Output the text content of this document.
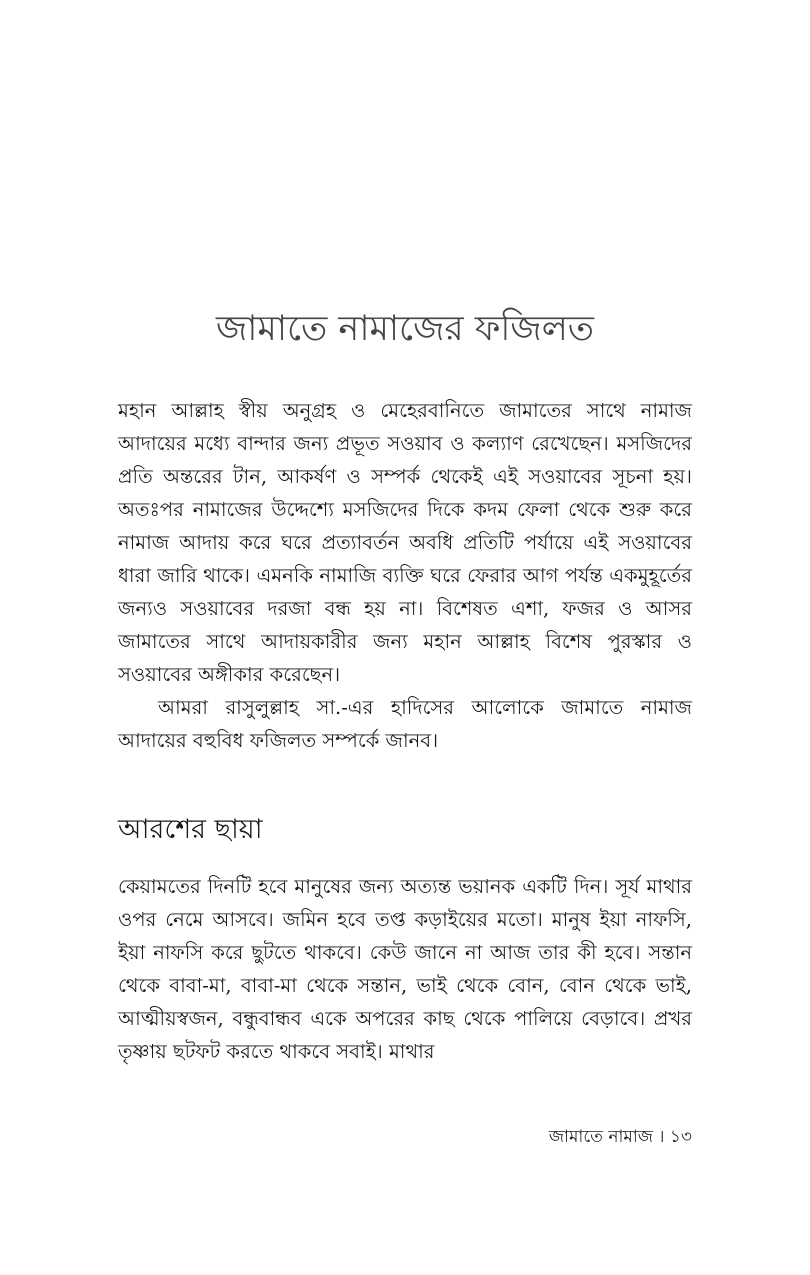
জামাতে নামাজের ফজিলত

মহান আল্লাহ স্বীয় অনুগ্রহ ও মেহেরবানিতে জামাতের সাথে নামাজ আদায়ের মধ্যে বান্দার জন্য প্রভূত সওয়াব ও কল্যাণ রেখেছেন। মসজিদের প্রতি অন্তরের টান, আকর্ষণ ও সম্পর্ক থেকেই এই সওয়াবের সূচনা হয়। অতঃপর নামাজের উদ্দেশ্যে মসজিদের দিকে কদম ফেলা থেকে শুরু করে নামাজ আদায় করে ঘরে প্রত্যাবর্তন অবধি প্রতিটি পর্যায়ে এই সওয়াবের ধারা জারি থাকে। এমনকি নামাজি ব্যক্তি ঘরে ফেরার আগ পর্যন্ত একমুহূর্তের জন্যও সওয়াবের দরজা বন্ধ হয় না। বিশেষত এশা, ফজর ও আসর জামাতের সাথে আদায়কারীর জন্য মহান আল্লাহ বিশেষ পুরস্কার ও সওয়াবের অঙ্গীকার করেছেন।

আমরা রাসুলুল্লাহ সা.-এর হাদিসের আলোকে জামাতে নামাজ আদায়ের বহুবিধ ফজিলত সম্পর্কে জানব।

আরশের ছায়া

কেয়ামতের দিনটি হবে মানুষের জন্য অত্যন্ত ভয়ানক একটি দিন। সূর্য মাথার ওপর নেমে আসবে। জমিন হবে তপ্ত কড়াইয়ের মতো। মানুষ ইয়া নাফসি, ইয়া নাফসি করে ছুটতে থাকবে। কেউ জানে না আজ তার কী হবে। সন্তান থেকে বাবা-মা, বাবা-মা থেকে সন্তান, ভাই থেকে বোন, বোন থেকে ভাই, আত্মীয়স্বজন, বন্ধুবান্ধব একে অপরের কাছ থেকে পালিয়ে বেড়াবে। প্রখর তৃষ্ণায় ছটফট করতে থাকবে সবাই। মাথার

জামাতে নামাজ । ১৩
